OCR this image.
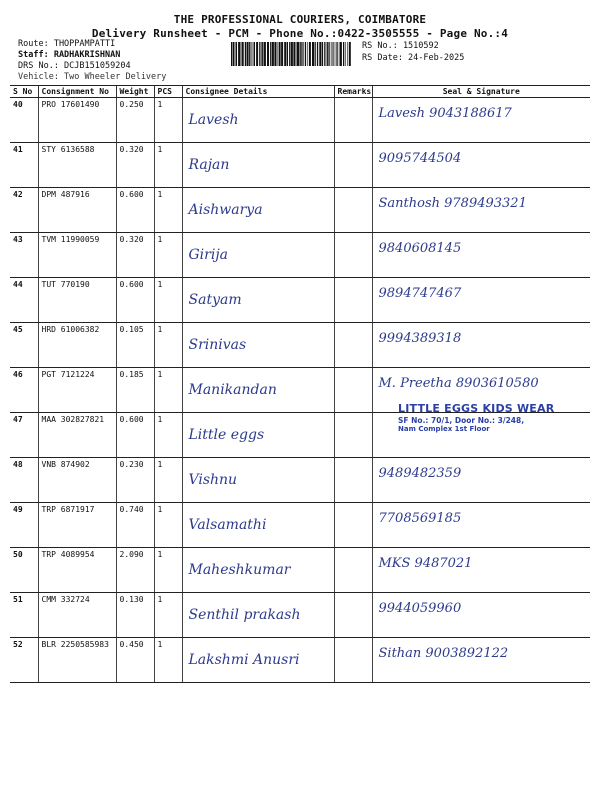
THE PROFESSIONAL COURIERS, COIMBATORE
Delivery Runsheet - PCM - Phone No.:0422-3505555 - Page No.:4
Route: THOPPAMPATTI
Staff: RADHAKRISHNAN
DRS No.: DCJB151059204
Vehicle: Two Wheeler Delivery
RS No.: 1510592
RS Date: 24-Feb-2025
S No	Consignment No	Weight	PCS	Consignee Details	Remarks	Seal & Signature
40	PRO 17601490	0.250	1	Lavesh		Lavesh 9043188617

41	STY 6136588	0.320	1	Rajan		9095744504

42	DPM 487916	0.600	1	Aishwarya		Santhosh 9789493321

43	TVM 11990059	0.320	1	Girija		9840608145

44	TUT 770190	0.600	1	Satyam		9894747467

45	HRD 61006382	0.105	1	Srinivas		9994389318

46	PGT 7121224	0.185	1	Manikandan		M. Preetha 8903610580

47	MAA 302827821	0.600	1	Little eggs		

48	VNB 874902	0.230	1	Vishnu		9489482359

49	TRP 6871917	0.740	1	Valsamathi		7708569185

50	TRP 4089954	2.090	1	Maheshkumar		MKS 9487021

51	CMM 332724	0.130	1	Senthil prakash		9944059960

52	BLR 2250585983	0.450	1	Lakshmi Anusri		Sithan 9003892122
LITTLE EGGS KIDS WEAR
SF No.: 70/1, Door No.: 3/248,
Nam Complex 1st Floor
